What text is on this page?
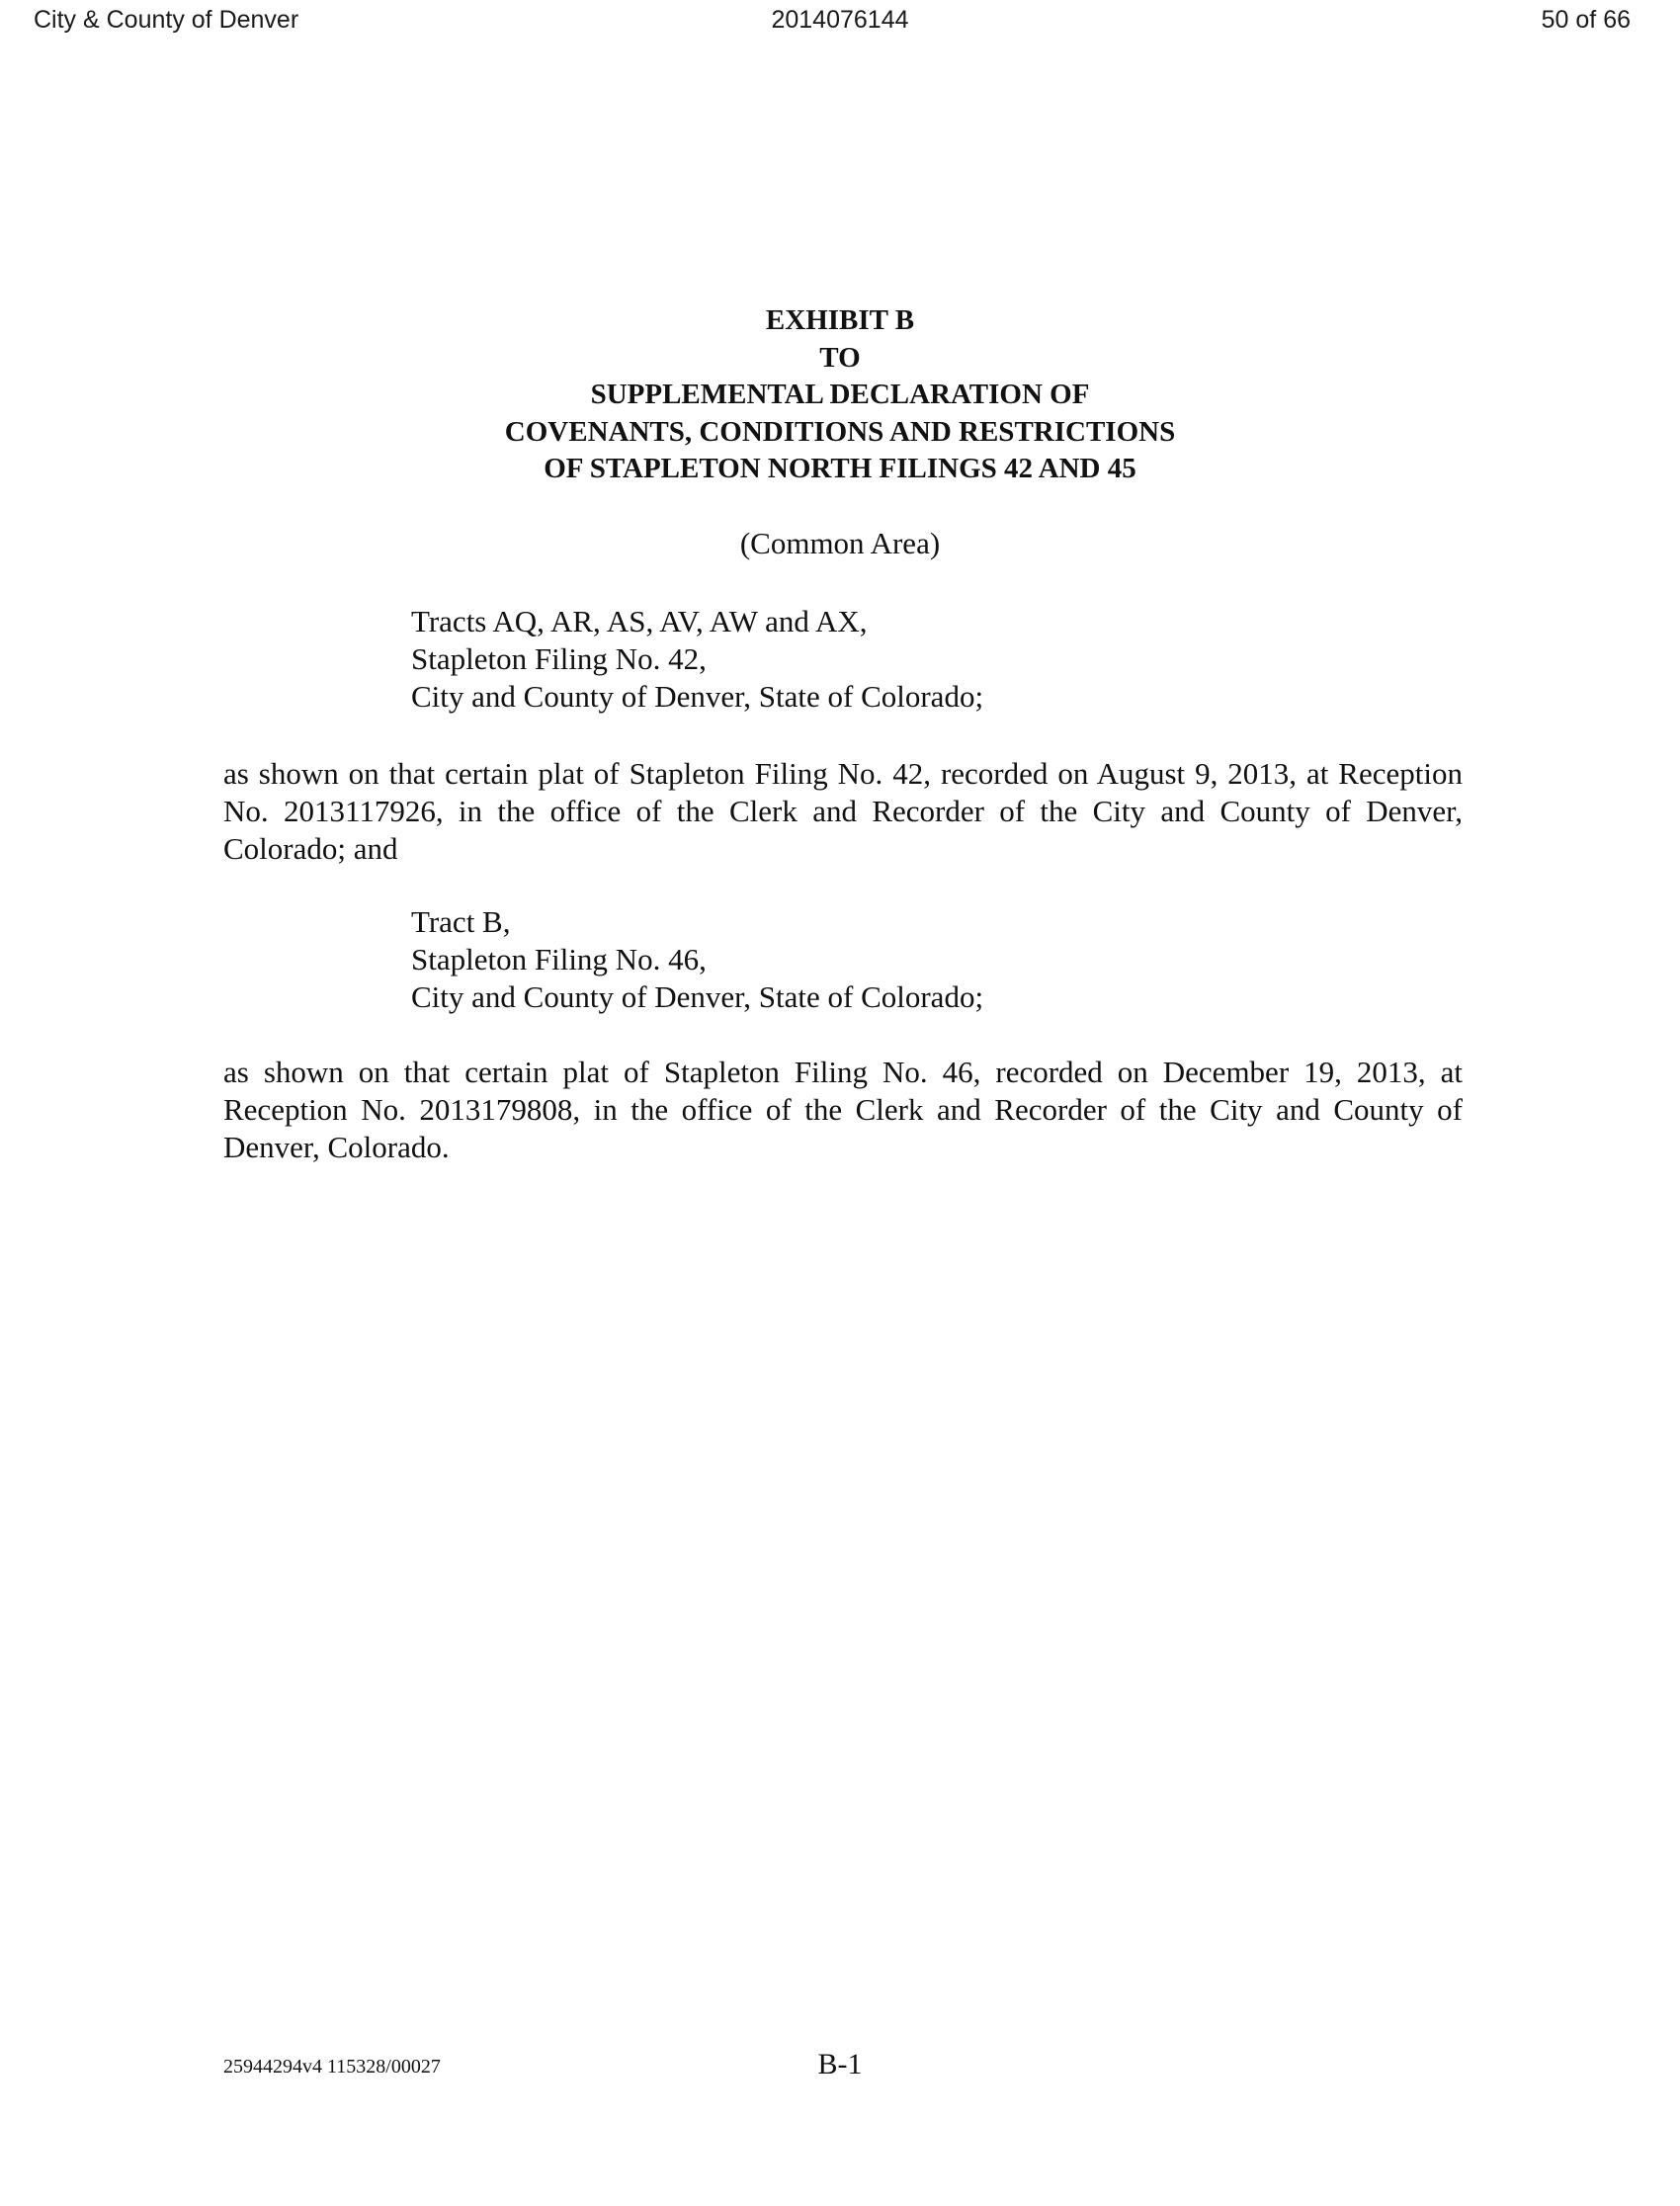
City & County of Denver	2014076144	50 of 66
EXHIBIT B
TO
SUPPLEMENTAL DECLARATION OF
COVENANTS, CONDITIONS AND RESTRICTIONS
OF STAPLETON NORTH FILINGS 42 AND 45
(Common Area)
Tracts AQ, AR, AS, AV, AW and AX,
Stapleton Filing No. 42,
City and County of Denver, State of Colorado;
as shown on that certain plat of Stapleton Filing No. 42, recorded on August 9, 2013, at Reception No. 2013117926, in the office of the Clerk and Recorder of the City and County of Denver, Colorado; and
Tract B,
Stapleton Filing No. 46,
City and County of Denver, State of Colorado;
as shown on that certain plat of Stapleton Filing No. 46, recorded on December 19, 2013, at Reception No. 2013179808, in the office of the Clerk and Recorder of the City and County of Denver, Colorado.
25944294v4 115328/00027	B-1
